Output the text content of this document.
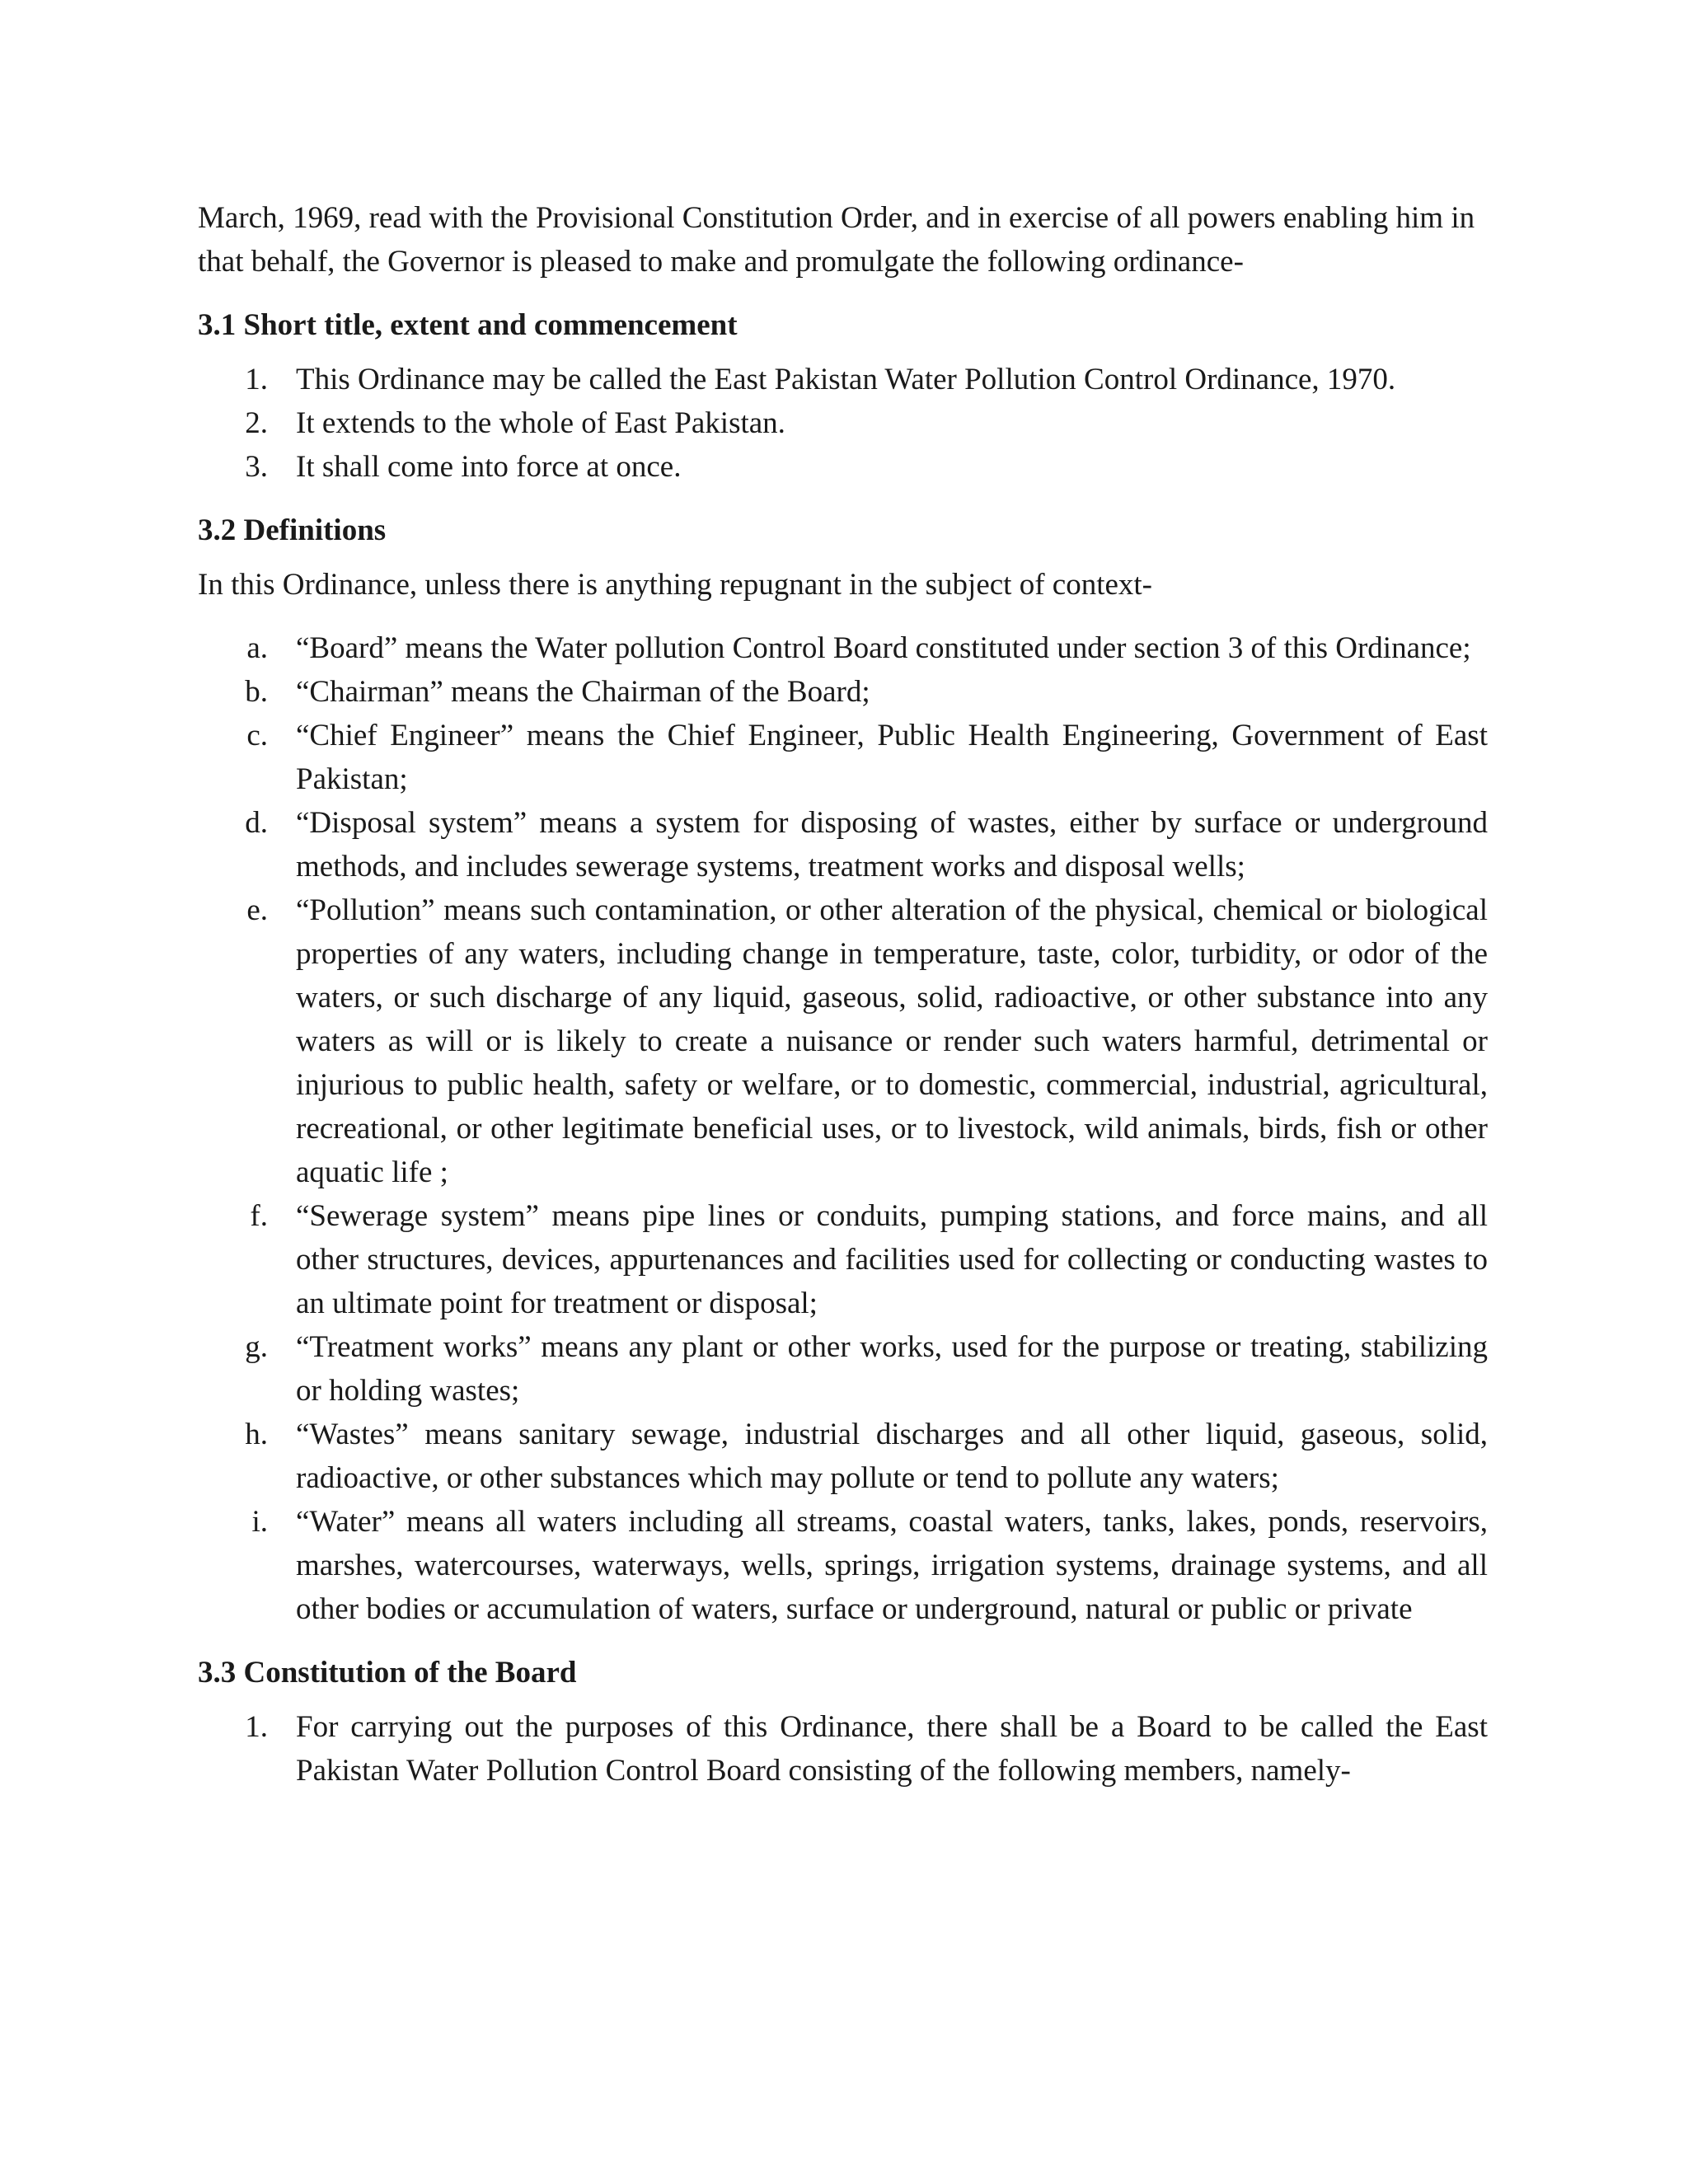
March, 1969, read with the Provisional Constitution Order, and in exercise of all powers enabling him in that behalf, the Governor is pleased to make and promulgate the following ordinance-

3.1 Short title, extent and commencement
1. This Ordinance may be called the East Pakistan Water Pollution Control Ordinance, 1970.
2. It extends to the whole of East Pakistan.
3. It shall come into force at once.
3.2 Definitions

In this Ordinance, unless there is anything repugnant in the subject of context-

a. “Board” means the Water pollution Control Board constituted under section 3 of this Ordinance;
b. “Chairman” means the Chairman of the Board;
c. “Chief Engineer” means the Chief Engineer, Public Health Engineering, Government of East Pakistan;
d. “Disposal system” means a system for disposing of wastes, either by surface or underground methods, and includes sewerage systems, treatment works and disposal wells;
e. “Pollution” means such contamination, or other alteration of the physical, chemical or biological properties of any waters, including change in temperature, taste, color, turbidity, or odor of the waters, or such discharge of any liquid, gaseous, solid, radioactive, or other substance into any waters as will or is likely to create a nuisance or render such waters harmful, detrimental or injurious to public health, safety or welfare, or to domestic, commercial, industrial, agricultural, recreational, or other legitimate beneficial uses, or to livestock, wild animals, birds, fish or other aquatic life ;
f. “Sewerage system” means pipe lines or conduits, pumping stations, and force mains, and all other structures, devices, appurtenances and facilities used for collecting or conducting wastes to an ultimate point for treatment or disposal;
g. “Treatment works” means any plant or other works, used for the purpose or treating, stabilizing or holding wastes;
h. “Wastes” means sanitary sewage, industrial discharges and all other liquid, gaseous, solid, radioactive, or other substances which may pollute or tend to pollute any waters;
i. “Water” means all waters including all streams, coastal waters, tanks, lakes, ponds, reservoirs, marshes, watercourses, waterways, wells, springs, irrigation systems, drainage systems, and all other bodies or accumulation of waters, surface or underground, natural or public or private
3.3 Constitution of the Board
1. For carrying out the purposes of this Ordinance, there shall be a Board to be called the East Pakistan Water Pollution Control Board consisting of the following members, namely-
